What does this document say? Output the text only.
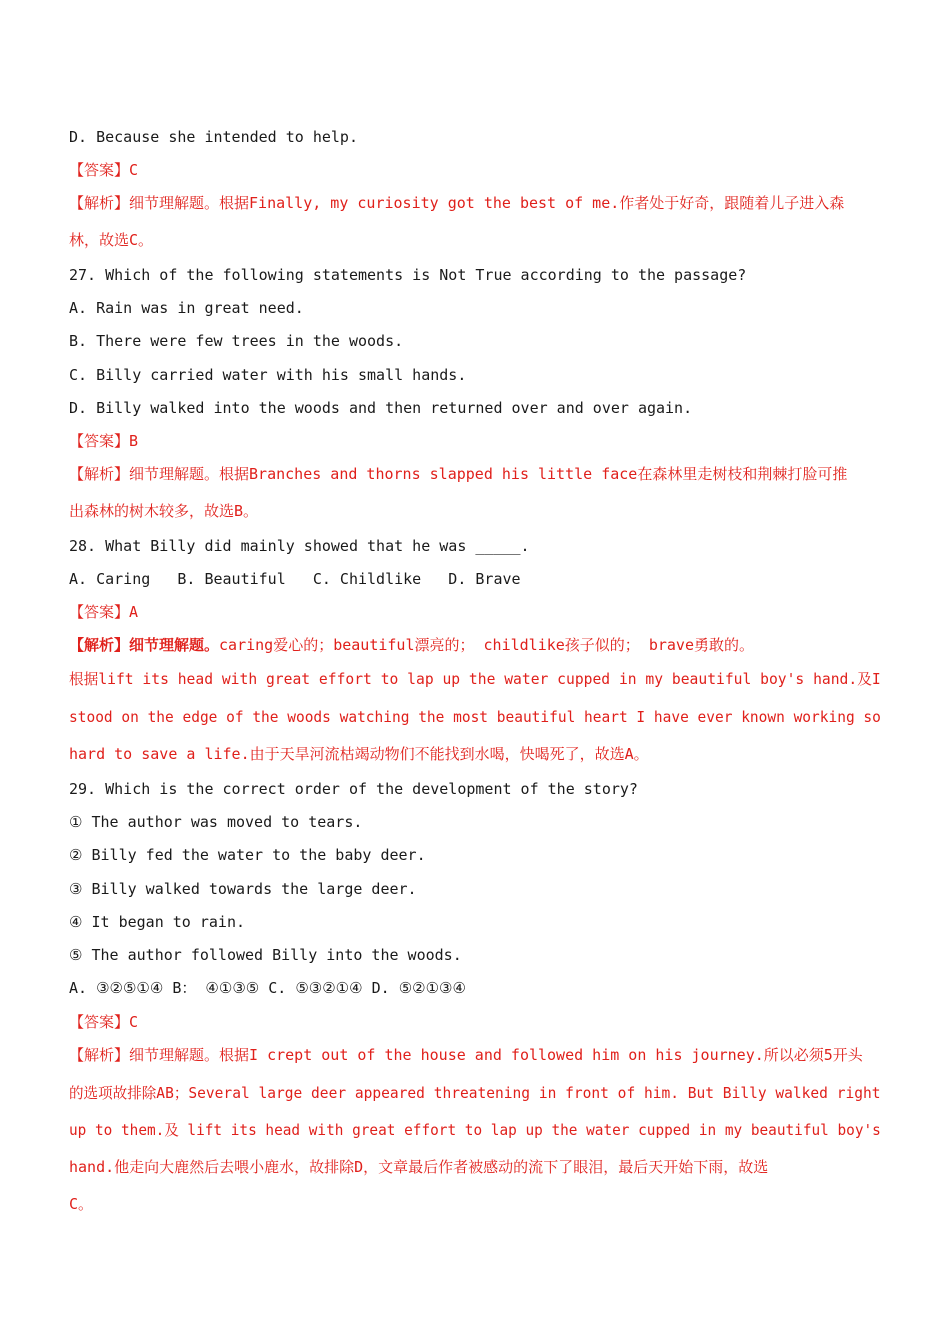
D. Because she intended to help.
【答案】C
【解析】细节理解题。根据Finally, my curiosity got the best of me.作者处于好奇，跟随着儿子进入森
林，故选C。
27. Which of the following statements is Not True according to the passage?
A. Rain was in great need.
B. There were few trees in the woods.
C. Billy carried water with his small hands.
D. Billy walked into the woods and then returned over and over again.
【答案】B
【解析】细节理解题。根据Branches and thorns slapped his little face在森林里走树枝和荆棘打脸可推
出森林的树木较多，故选B。
28. What Billy did mainly showed that he was _____.
A. Caring   B. Beautiful   C. Childlike   D. Brave
【答案】A
【解析】细节理解题。caring爱心的；beautiful漂亮的； childlike孩子似的； brave勇敢的。
根据lift its head with great effort to lap up the water cupped in my beautiful boy's hand.及I
stood on the edge of the woods watching the most beautiful heart I have ever known working so
hard to save a life.由于天旱河流枯竭动物们不能找到水喝，快喝死了，故选A。
29. Which is the correct order of the development of the story?
① The author was moved to tears.
② Billy fed the water to the baby deer.
③ Billy walked towards the large deer.
④ It began to rain.
⑤ The author followed Billy into the woods.
A. ③②⑤①④ B： ④①③⑤ C. ⑤③②①④ D. ⑤②①③④
【答案】C
【解析】细节理解题。根据I crept out of the house and followed him on his journey.所以必须5开头
的选项故排除AB；Several large deer appeared threatening in front of him. But Billy walked right
up to them.及 lift its head with great effort to lap up the water cupped in my beautiful boy's
hand.他走向大鹿然后去喂小鹿水，故排除D，文章最后作者被感动的流下了眼泪，最后天开始下雨，故选
C。
